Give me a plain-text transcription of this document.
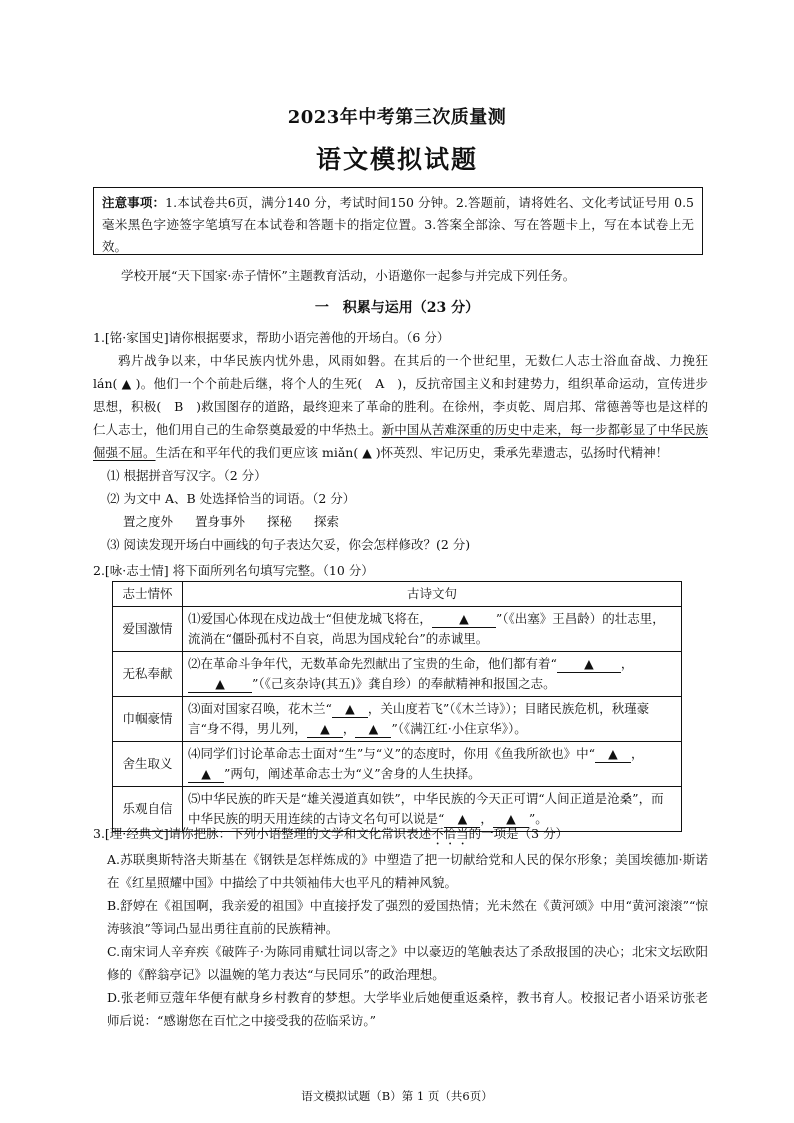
2023年中考第三次质量测
语文模拟试题
注意事项：1.本试卷共6页，满分140 分，考试时间150 分钟。2.答题前，请将姓名、文化考试证号用 0.5 毫米黑色字迹签字笔填写在本试卷和答题卡的指定位置。3.答案全部涂、写在答题卡上，写在本试卷上无效。
学校开展“天下国家·赤子情怀”主题教育活动，小语邀你一起参与并完成下列任务。
一　积累与运用（23 分）
1.[铭·家国史]请你根据要求，帮助小语完善他的开场白。（6 分）
鸦片战争以来，中华民族内忧外患，风雨如磐。在其后的一个世纪里，无数仁人志士浴血奋战、力挽狂 lán( ▲ )。他们一个个前赴后继，将个人的生死(　A　)，反抗帝国主义和封建势力，组织革命运动，宣传进步思想，积极(　B　)救国图存的道路，最终迎来了革命的胜利。在徐州，李贞乾、周启邦、常德善等也是这样的仁人志士，他们用自己的生命祭奠最爱的中华热土。新中国从苦难深重的历史中走来，每一步都彰显了中华民族倔强不屈。生活在和平年代的我们更应该 miǎn( ▲ )怀英烈、牢记历史，秉承先辈遗志，弘扬时代精神！
⑴ 根据拼音写汉字。（2 分）
⑵ 为文中 A、B 处选择恰当的词语。（2 分）
置之度外 置身事外 探秘 探索
⑶ 阅读发现开场白中画线的句子表达欠妥，你会怎样修改？(2 分)
2.[咏·志士情] 将下面所列名句填写完整。（10 分）
志士情怀	古诗文句
爱国激情	⑴爱国心体现在戍边战士“但使龙城飞将在， ▲ ”（《出塞》王昌龄）的壮志里，流淌在“僵卧孤村不自哀，尚思为国戍轮台”的赤诚里。
无私奉献	⑵在革命斗争年代，无数革命先烈献出了宝贵的生命，他们都有着“ ▲ ，▲ ”（《己亥杂诗(其五)》龚自珍）的奉献精神和报国之志。
巾帼豪情	⑶面对国家召唤，花木兰“ ▲ ，关山度若飞”（《木兰诗》）；目睹民族危机，秋瑾豪言“身不得，男儿列， ▲ ， ▲ ”（《满江红·小住京华》）。
舍生取义	⑷同学们讨论革命志士面对“生”与“义”的态度时，你用《鱼我所欲也》中“ ▲ ，▲ ”两句，阐述革命志士为“义”舍身的人生抉择。
乐观自信	⑸中华民族的昨天是“雄关漫道真如铁”，中华民族的今天正可谓“人间正道是沧桑”，而中华民族的明天用连续的古诗文名句可以说是“ ▲ ， ▲ ”。
3.[理·经典文]请你把脉：下列小语整理的文学和文化常识表述不恰当的一项是（3 分）
A.苏联奥斯特洛夫斯基在《钢铁是怎样炼成的》中塑造了把一切献给党和人民的保尔形象；美国埃德加·斯诺在《红星照耀中国》中描绘了中共领袖伟大也平凡的精神风貌。
B.舒婷在《祖国啊，我亲爱的祖国》中直接抒发了强烈的爱国热情；光未然在《黄河颂》中用“黄河滚滚”“惊涛骇浪”等词凸显出勇往直前的民族精神。
C.南宋词人辛弃疾《破阵子·为陈同甫赋壮词以寄之》中以豪迈的笔触表达了杀敌报国的决心；北宋文坛欧阳修的《醉翁亭记》以温婉的笔力表达“与民同乐”的政治理想。
D.张老师豆蔻年华便有献身乡村教育的梦想。大学毕业后她便重返桑梓，教书育人。校报记者小语采访张老师后说：“感谢您在百忙之中接受我的莅临采访。”
语文模拟试题（B）第 1 页（共6页）
